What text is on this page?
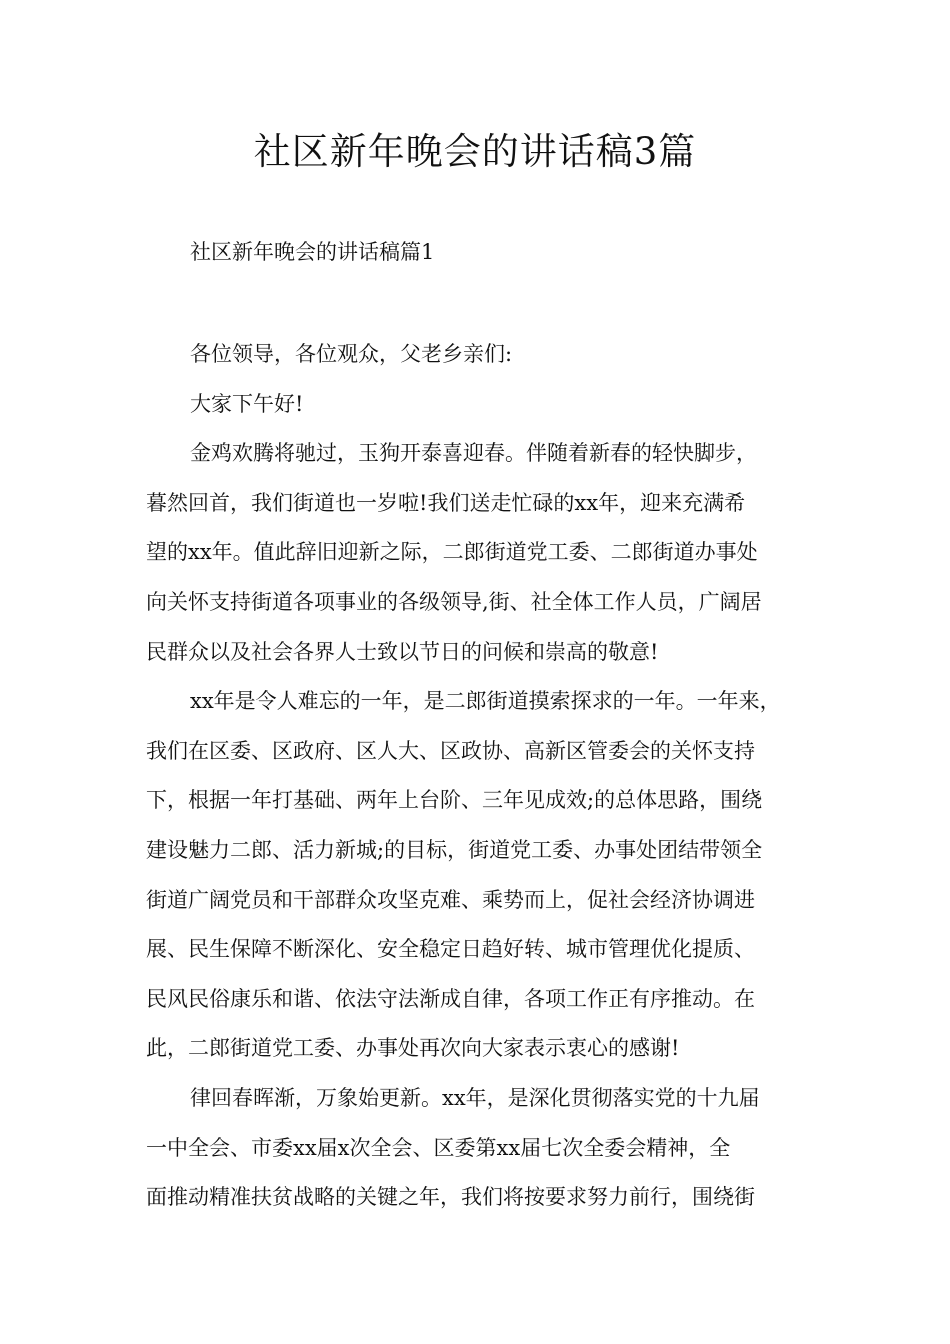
社区新年晚会的讲话稿3篇

社区新年晚会的讲话稿篇1

各位领导，各位观众，父老乡亲们:

大家下午好!

金鸡欢腾将驰过，玉狗开泰喜迎春。伴随着新春的轻快脚步，
暮然回首，我们街道也一岁啦!我们送走忙碌的xx年，迎来充满希
望的xx年。值此辞旧迎新之际，二郎街道党工委、二郎街道办事处
向关怀支持街道各项事业的各级领导,街、社全体工作人员，广阔居
民群众以及社会各界人士致以节日的问候和崇高的敬意!

xx年是令人难忘的一年，是二郎街道摸索探求的一年。一年来，
我们在区委、区政府、区人大、区政协、高新区管委会的关怀支持
下，根据一年打基础、两年上台阶、三年见成效;的总体思路，围绕
建设魅力二郎、活力新城;的目标，街道党工委、办事处团结带领全
街道广阔党员和干部群众攻坚克难、乘势而上，促社会经济协调进
展、民生保障不断深化、安全稳定日趋好转、城市管理优化提质、
民风民俗康乐和谐、依法守法渐成自律，各项工作正有序推动。在
此，二郎街道党工委、办事处再次向大家表示衷心的感谢!

律回春晖渐，万象始更新。xx年，是深化贯彻落实党的十九届
一中全会、市委xx届x次全会、区委第xx届七次全委会精神，全
面推动精准扶贫战略的关键之年，我们将按要求努力前行，围绕街
